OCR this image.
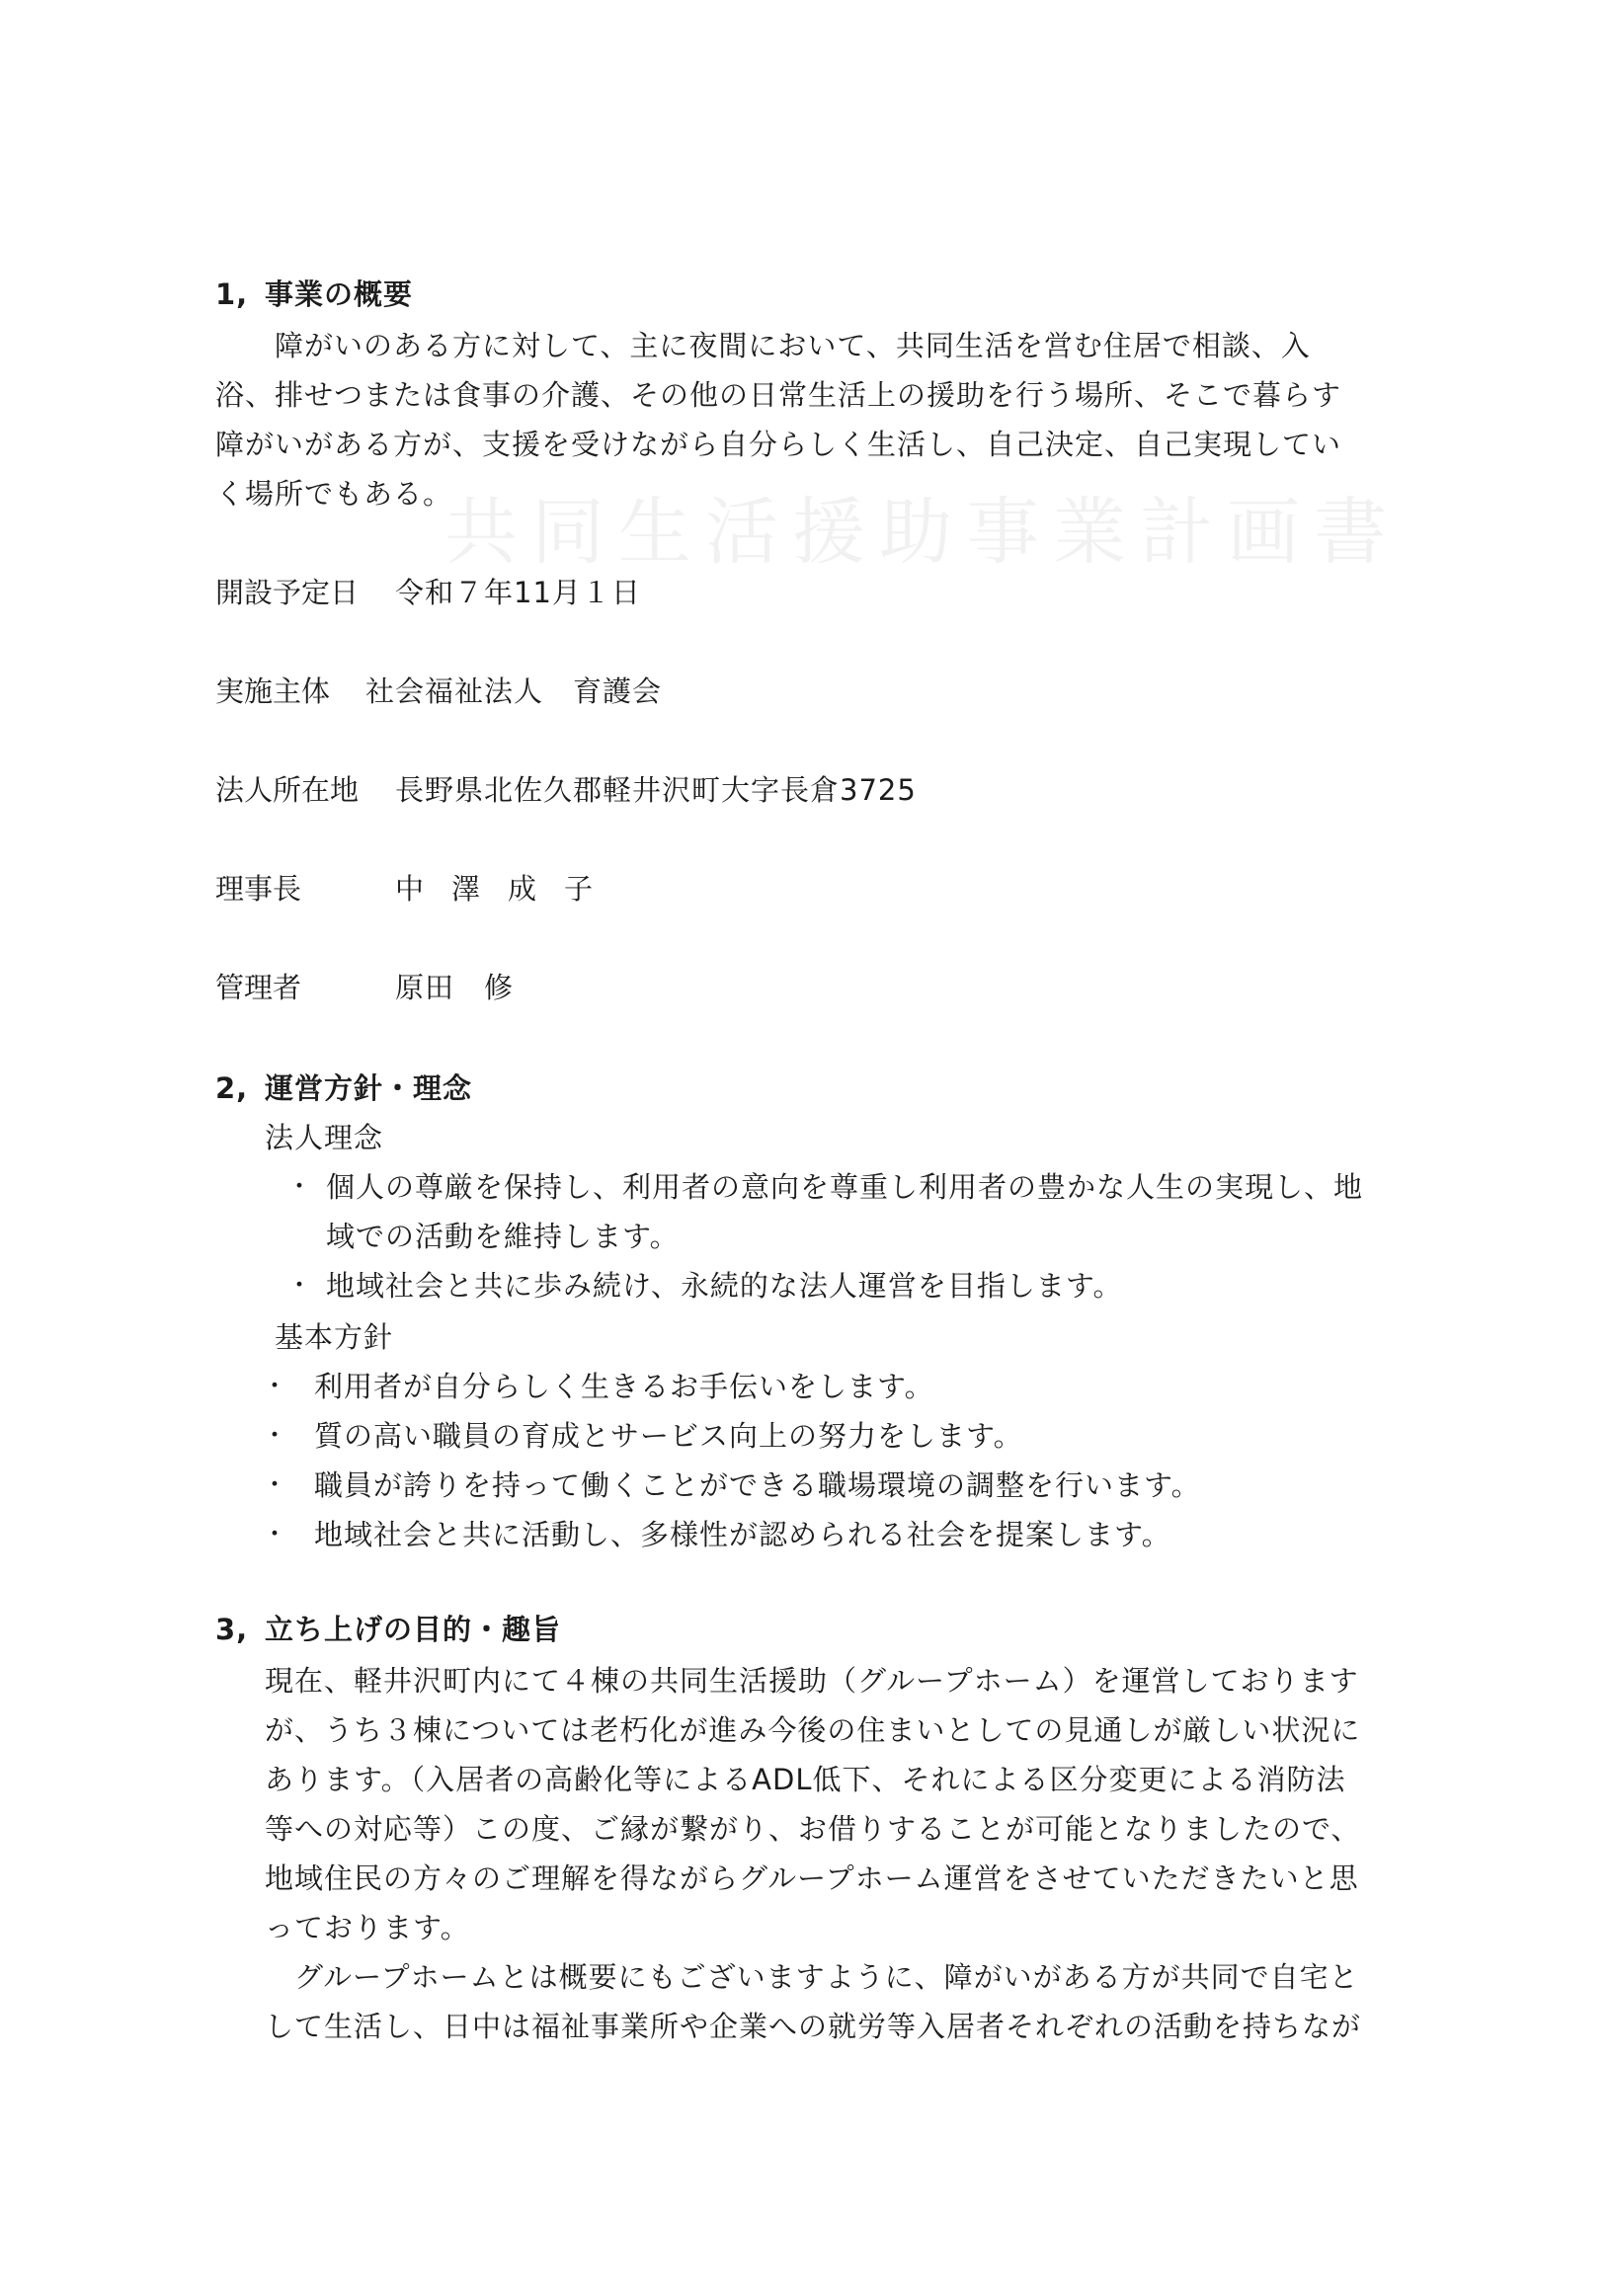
共同生活援助事業計画書
1, 事業の概要
障がいのある方に対して、主に夜間において、共同生活を営む住居で相談、入
浴、排せつまたは食事の介護、その他の日常生活上の援助を行う場所、そこで暮らす
障がいがある方が、支援を受けながら自分らしく生活し、自己決定、自己実現してい
く場所でもある。
開設予定日 令和７年11月１日
実施主体 社会福祉法人　育護会
法人所在地 長野県北佐久郡軽井沢町大字長倉3725
理事長	中澤成子
管理者	原田　修
2, 運営方針・理念
法人理念
・ 個人の尊厳を保持し、利用者の意向を尊重し利用者の豊かな人生の実現し、地
域での活動を維持します。
・ 地域社会と共に歩み続け、永続的な法人運営を目指します。
基本方針
・ 利用者が自分らしく生きるお手伝いをします。
・ 質の高い職員の育成とサービス向上の努力をします。
・ 職員が誇りを持って働くことができる職場環境の調整を行います。
・ 地域社会と共に活動し、多様性が認められる社会を提案します。
3, 立ち上げの目的・趣旨
現在、軽井沢町内にて４棟の共同生活援助（グループホーム）を運営しております
が、うち３棟については老朽化が進み今後の住まいとしての見通しが厳しい状況に
あります。（入居者の高齢化等によるADL低下、それによる区分変更による消防法
等への対応等）この度、ご縁が繋がり、お借りすることが可能となりましたので、
地域住民の方々のご理解を得ながらグループホーム運営をさせていただきたいと思
っております。
グループホームとは概要にもございますように、障がいがある方が共同で自宅と
して生活し、日中は福祉事業所や企業への就労等入居者それぞれの活動を持ちなが
